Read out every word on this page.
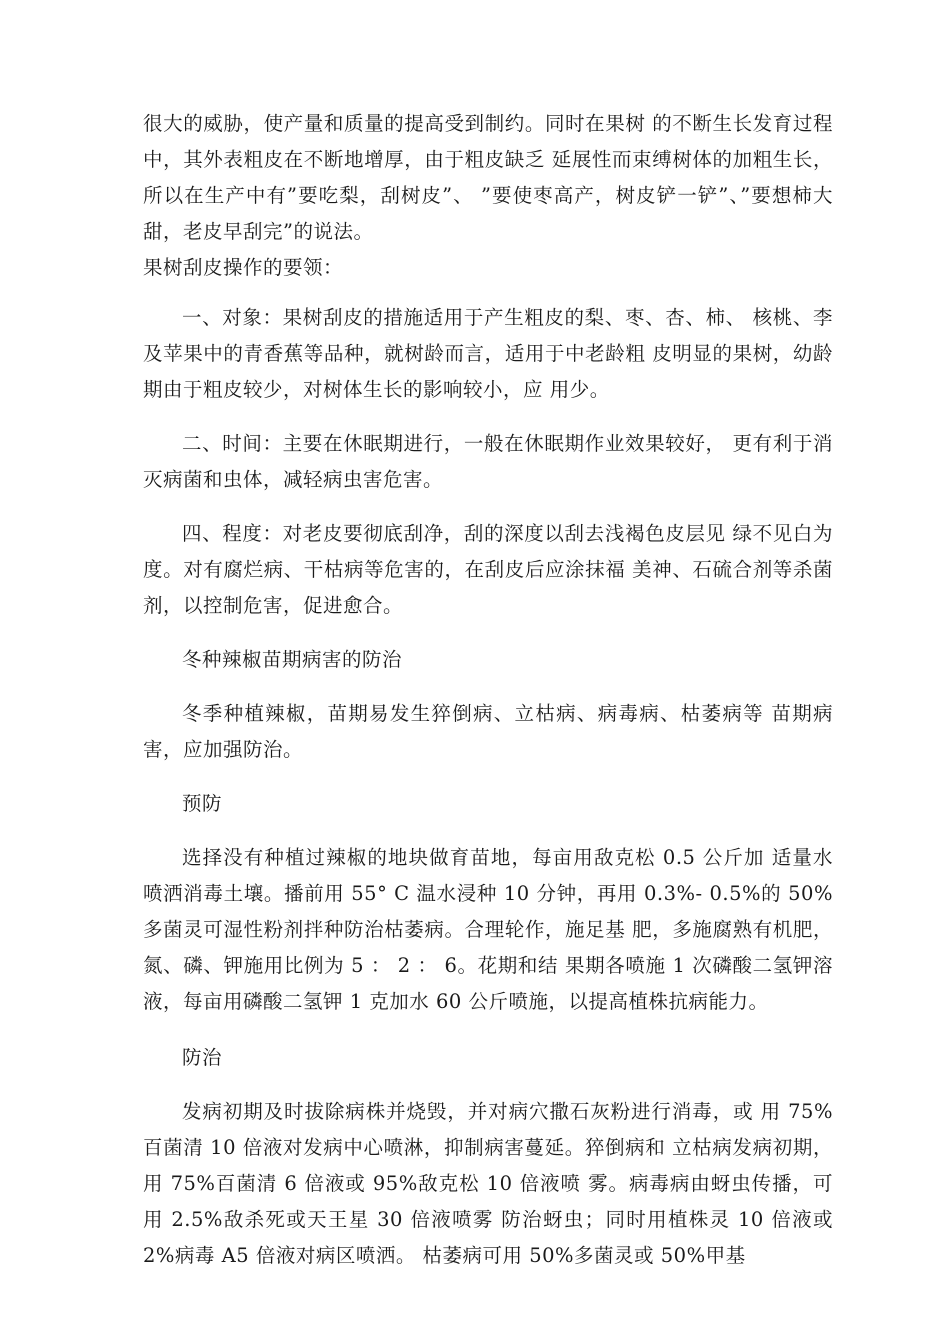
很大的威胁，使产量和质量的提高受到制约。同时在果树 的不断生长发育过程中，其外表粗皮在不断地增厚，由于粗皮缺乏 延展性而束缚树体的加粗生长，所以在生产中有”要吃梨，刮树皮”、 ”要使枣高产，树皮铲一铲”、”要想柿大甜，老皮早刮完”的说法。

果树刮皮操作的要领：

一、对象：果树刮皮的措施适用于产生粗皮的梨、枣、杏、柿、 核桃、李及苹果中的青香蕉等品种，就树龄而言，适用于中老龄粗 皮明显的果树，幼龄期由于粗皮较少，对树体生长的影响较小，应 用少。

二、时间：主要在休眠期进行，一般在休眠期作业效果较好， 更有利于消灭病菌和虫体，减轻病虫害危害。

四、程度：对老皮要彻底刮净，刮的深度以刮去浅褐色皮层见 绿不见白为度。对有腐烂病、干枯病等危害的，在刮皮后应涂抹福 美神、石硫合剂等杀菌剂，以控制危害，促进愈合。

冬种辣椒苗期病害的防治

冬季种植辣椒，苗期易发生猝倒病、立枯病、病毒病、枯萎病等 苗期病害，应加强防治。

预防

选择没有种植过辣椒的地块做育苗地，每亩用敌克松 0.5 公斤加 适量水喷洒消毒土壤。播前用 55° C 温水浸种 10 分钟，再用 0.3%- 0.5%的 50%多菌灵可湿性粉剂拌种防治枯萎病。合理轮作，施足基 肥，多施腐熟有机肥，氮、磷、钾施用比例为 5 ： 2 ： 6。花期和结 果期各喷施 1 次磷酸二氢钾溶液，每亩用磷酸二氢钾 1 克加水 60 公斤喷施，以提高植株抗病能力。

防治

发病初期及时拔除病株并烧毁，并对病穴撒石灰粉进行消毒，或 用 75%百菌清 10 倍液对发病中心喷淋，抑制病害蔓延。猝倒病和 立枯病发病初期，用 75%百菌清 6 倍液或 95%敌克松 10 倍液喷 雾。病毒病由蚜虫传播，可用 2.5%敌杀死或天王星 30 倍液喷雾 防治蚜虫；同时用植株灵 10 倍液或 2%病毒 A5 倍液对病区喷洒。 枯萎病可用 50%多菌灵或 50%甲基
